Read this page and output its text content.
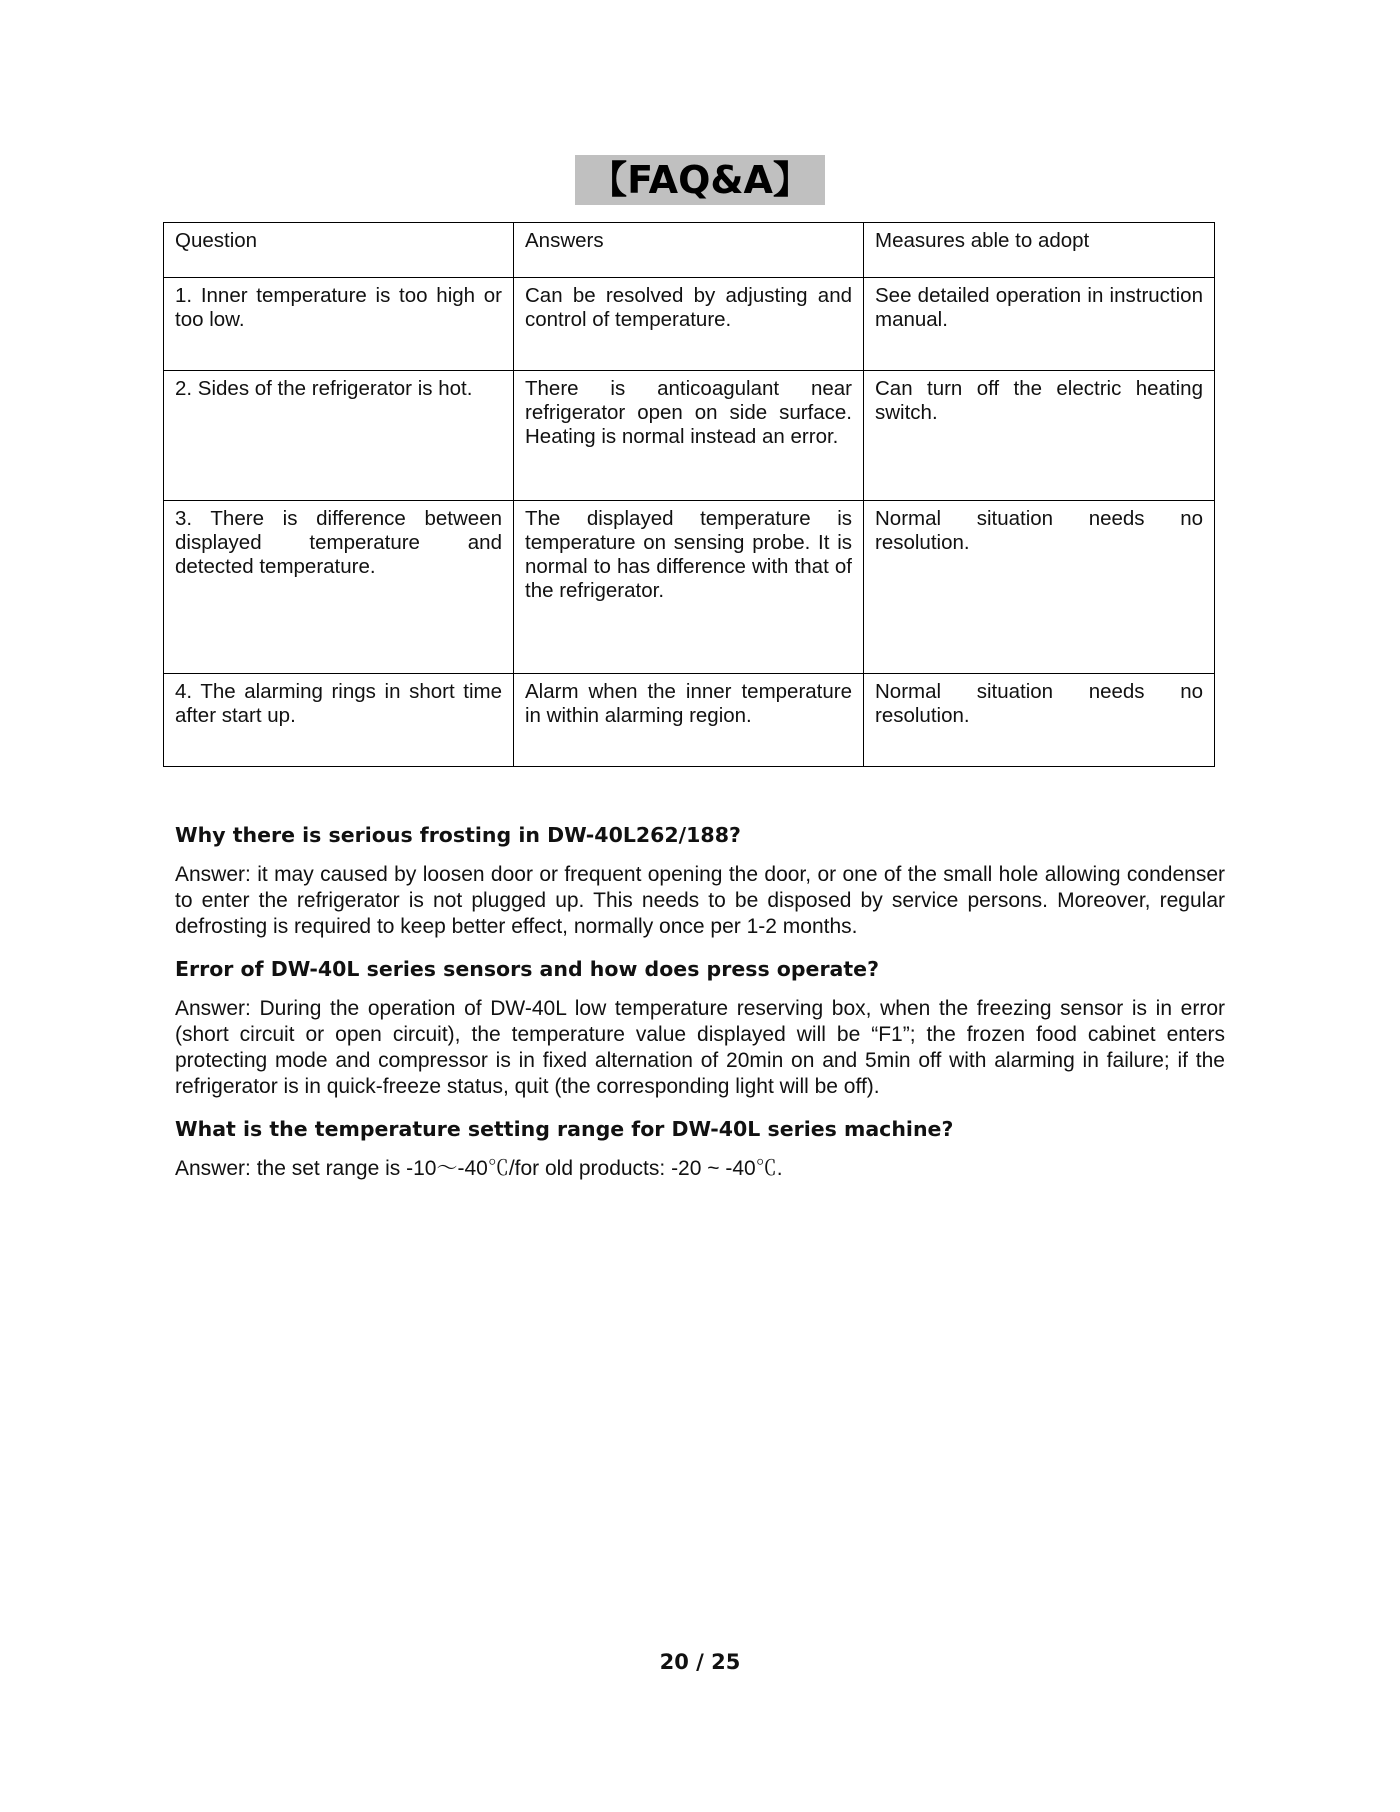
【FAQ&A】
Question	Answers	Measures able to adopt
1. Inner temperature is too high or too low.	Can be resolved by adjusting and control of temperature.	See detailed operation in instruction manual.
2. Sides of the refrigerator is hot.	There is anticoagulant near refrigerator open on side surface. Heating is normal instead an error.	Can turn off the electric heating switch.
3. There is difference between displayed temperature and detected temperature.	The displayed temperature is temperature on sensing probe. It is normal to has difference with that of the refrigerator.	Normal situation needs no resolution.
4. The alarming rings in short time after start up.	Alarm when the inner temperature in within alarming region.	Normal situation needs no resolution.

Why there is serious frosting in DW-40L262/188?

Answer: it may caused by loosen door or frequent opening the door, or one of the small hole allowing condenser to enter the refrigerator is not plugged up. This needs to be disposed by service persons. Moreover, regular defrosting is required to keep better effect, normally once per 1-2 months.

Error of DW-40L series sensors and how does press operate?

Answer: During the operation of DW-40L low temperature reserving box, when the freezing sensor is in error (short circuit or open circuit), the temperature value displayed will be “F1”; the frozen food cabinet enters protecting mode and compressor is in fixed alternation of 20min on and 5min off with alarming in failure; if the refrigerator is in quick-freeze status, quit (the corresponding light will be off).

What is the temperature setting range for DW-40L series machine?

Answer: the set range is -10～-40℃/for old products: -20 ~ -40℃.

20 / 25
